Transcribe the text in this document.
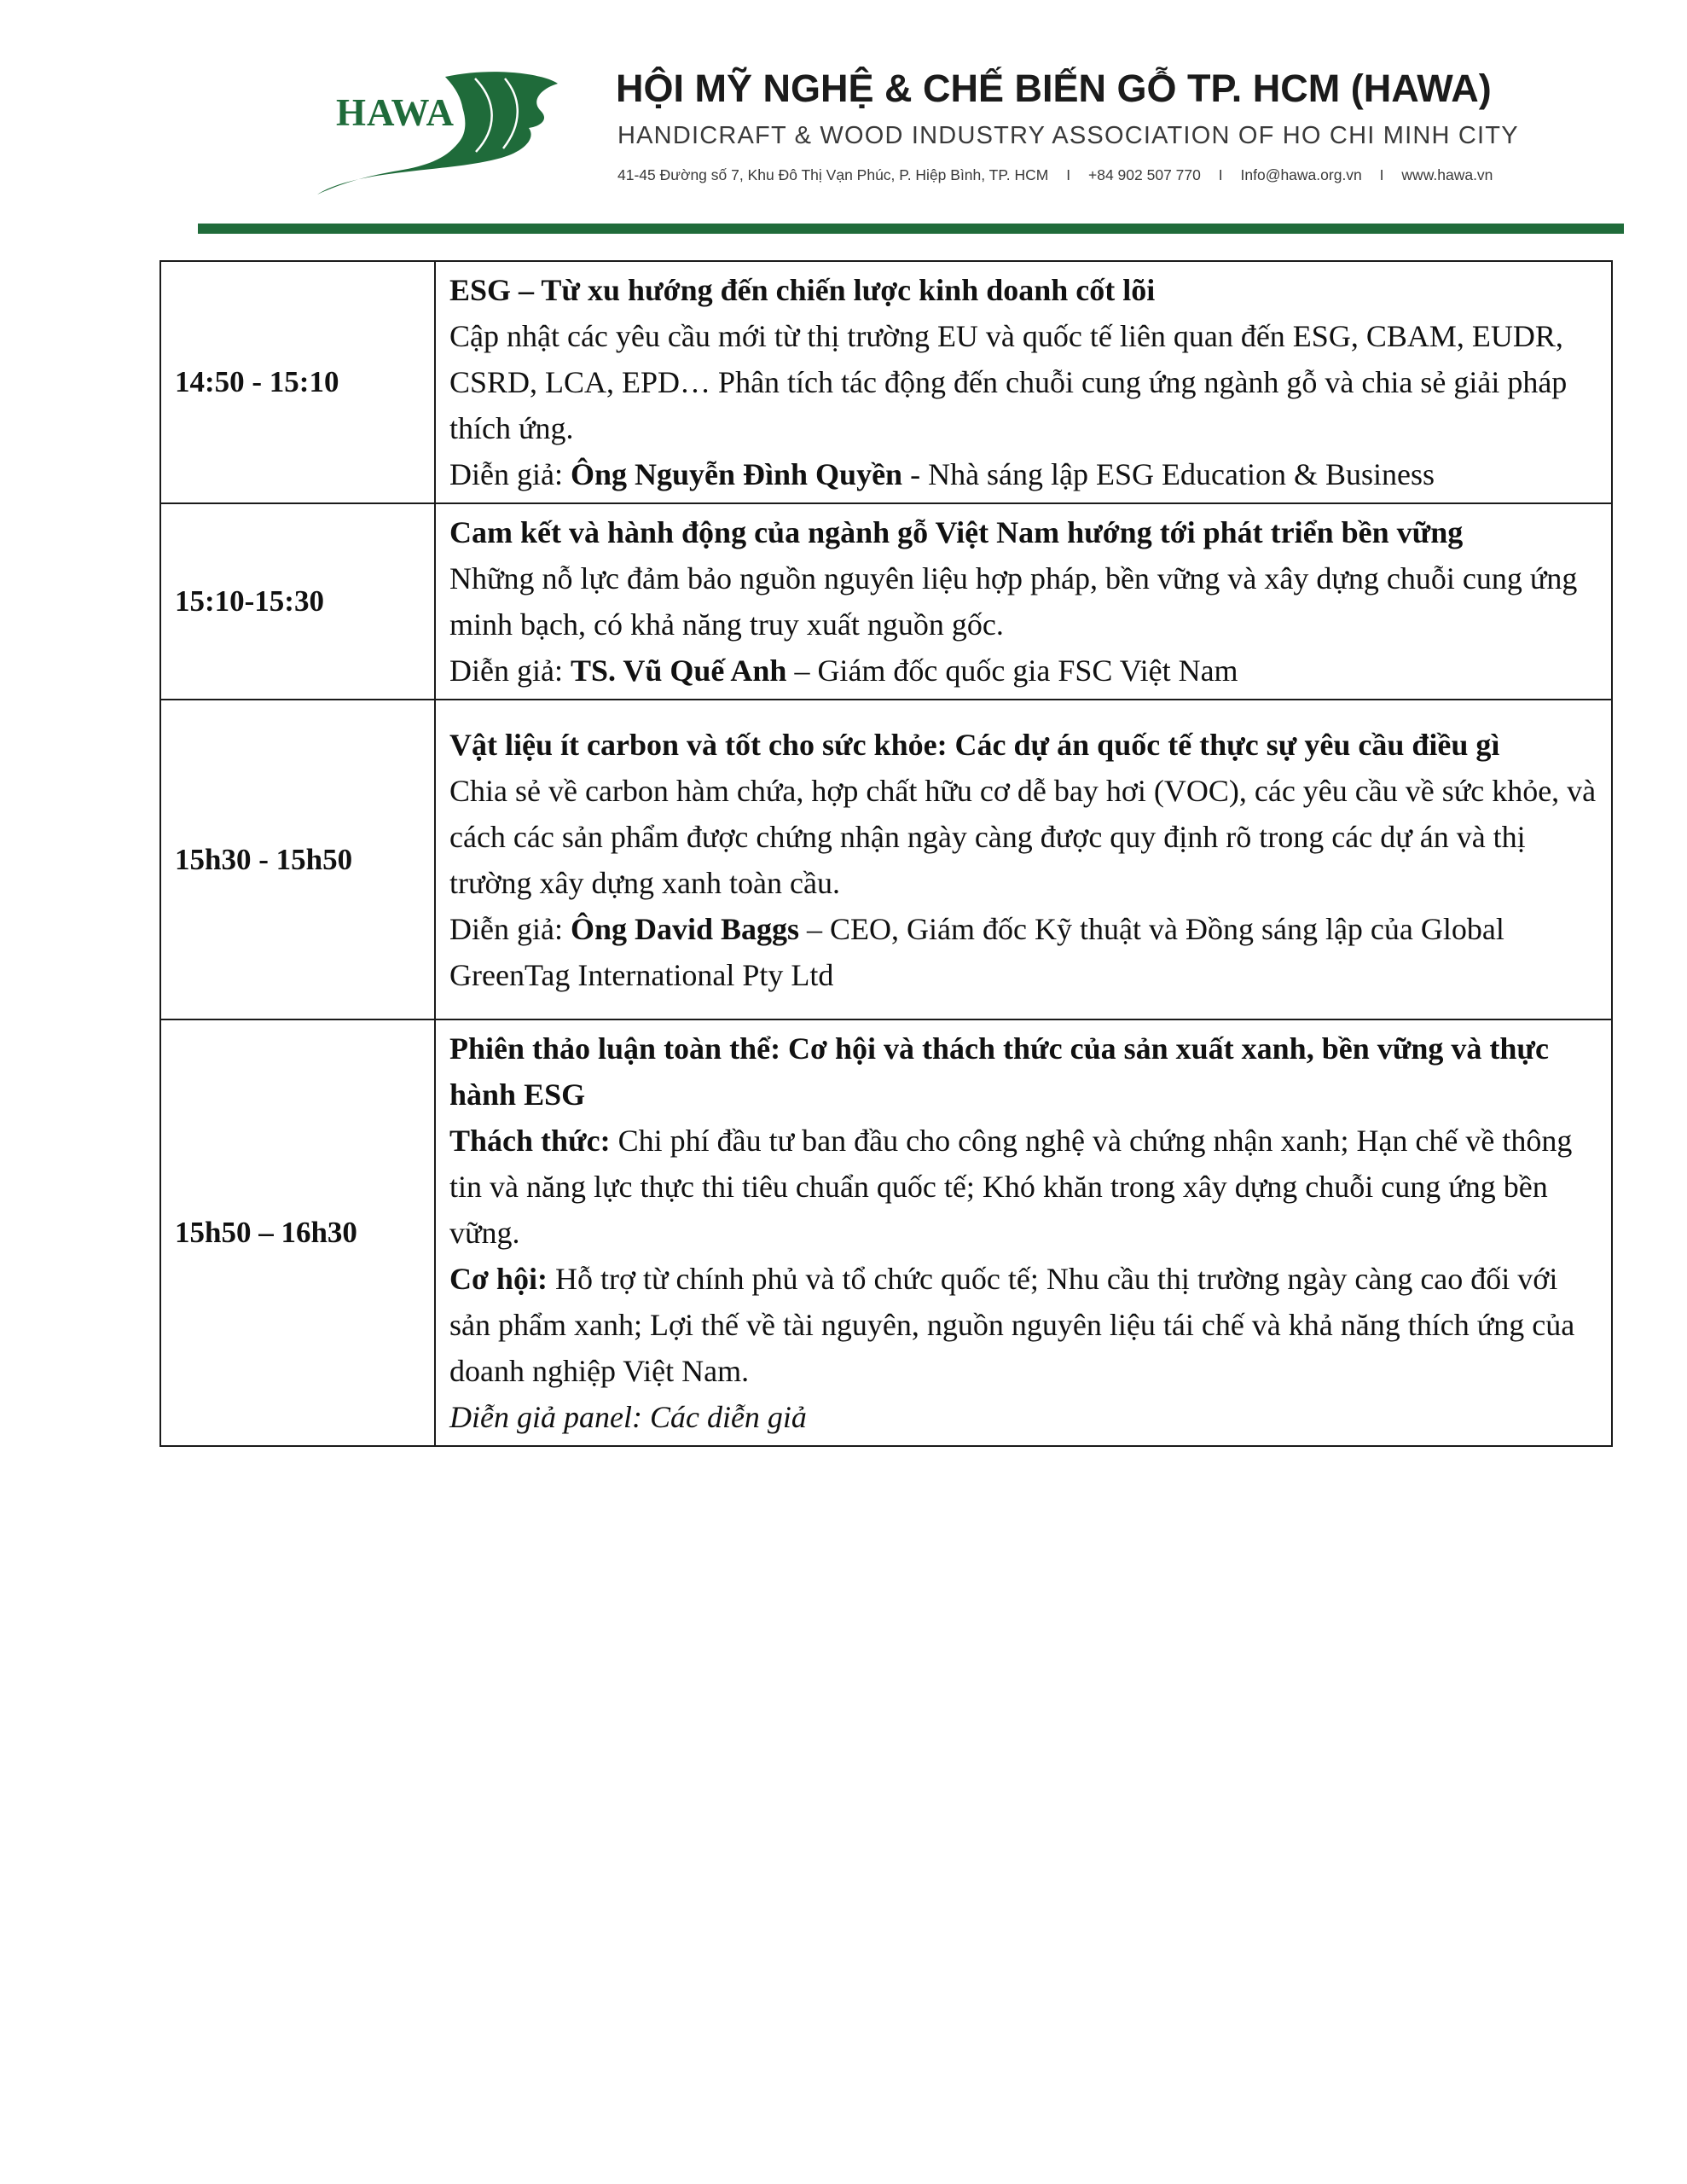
HAWA
HỘI MỸ NGHỆ & CHẾ BIẾN GỖ TP. HCM (HAWA)
HANDICRAFT & WOOD INDUSTRY ASSOCIATION OF HO CHI MINH CITY
41-45 Đường số 7, Khu Đô Thị Vạn Phúc, P. Hiệp Bình, TP. HCM I +84 902 507 770 I Info@hawa.org.vn I www.hawa.vn
14:50 - 15:10	ESG – Từ xu hướng đến chiến lược kinh doanh cốt lõi
Cập nhật các yêu cầu mới từ thị trường EU và quốc tế liên quan đến ESG, CBAM, EUDR, CSRD, LCA, EPD… Phân tích tác động đến chuỗi cung ứng ngành gỗ và chia sẻ giải pháp thích ứng.
Diễn giả: Ông Nguyễn Đình Quyền - Nhà sáng lập ESG Education & Business

15:10-15:30	Cam kết và hành động của ngành gỗ Việt Nam hướng tới phát triển bền vững
Những nỗ lực đảm bảo nguồn nguyên liệu hợp pháp, bền vững và xây dựng chuỗi cung ứng minh bạch, có khả năng truy xuất nguồn gốc.
Diễn giả: TS. Vũ Quế Anh – Giám đốc quốc gia FSC Việt Nam

15h30 - 15h50	Vật liệu ít carbon và tốt cho sức khỏe: Các dự án quốc tế thực sự yêu cầu điều gì
Chia sẻ về carbon hàm chứa, hợp chất hữu cơ dễ bay hơi (VOC), các yêu cầu về sức khỏe, và cách các sản phẩm được chứng nhận ngày càng được quy định rõ trong các dự án và thị trường xây dựng xanh toàn cầu.
Diễn giả: Ông David Baggs – CEO, Giám đốc Kỹ thuật và Đồng sáng lập của Global GreenTag International Pty Ltd

15h50 – 16h30	Phiên thảo luận toàn thể: Cơ hội và thách thức của sản xuất xanh, bền vững và thực hành ESG
Thách thức: Chi phí đầu tư ban đầu cho công nghệ và chứng nhận xanh; Hạn chế về thông tin và năng lực thực thi tiêu chuẩn quốc tế; Khó khăn trong xây dựng chuỗi cung ứng bền vững.
Cơ hội: Hỗ trợ từ chính phủ và tổ chức quốc tế; Nhu cầu thị trường ngày càng cao đối với sản phẩm xanh; Lợi thế về tài nguyên, nguồn nguyên liệu tái chế và khả năng thích ứng của doanh nghiệp Việt Nam.
Diễn giả panel: Các diễn giả
